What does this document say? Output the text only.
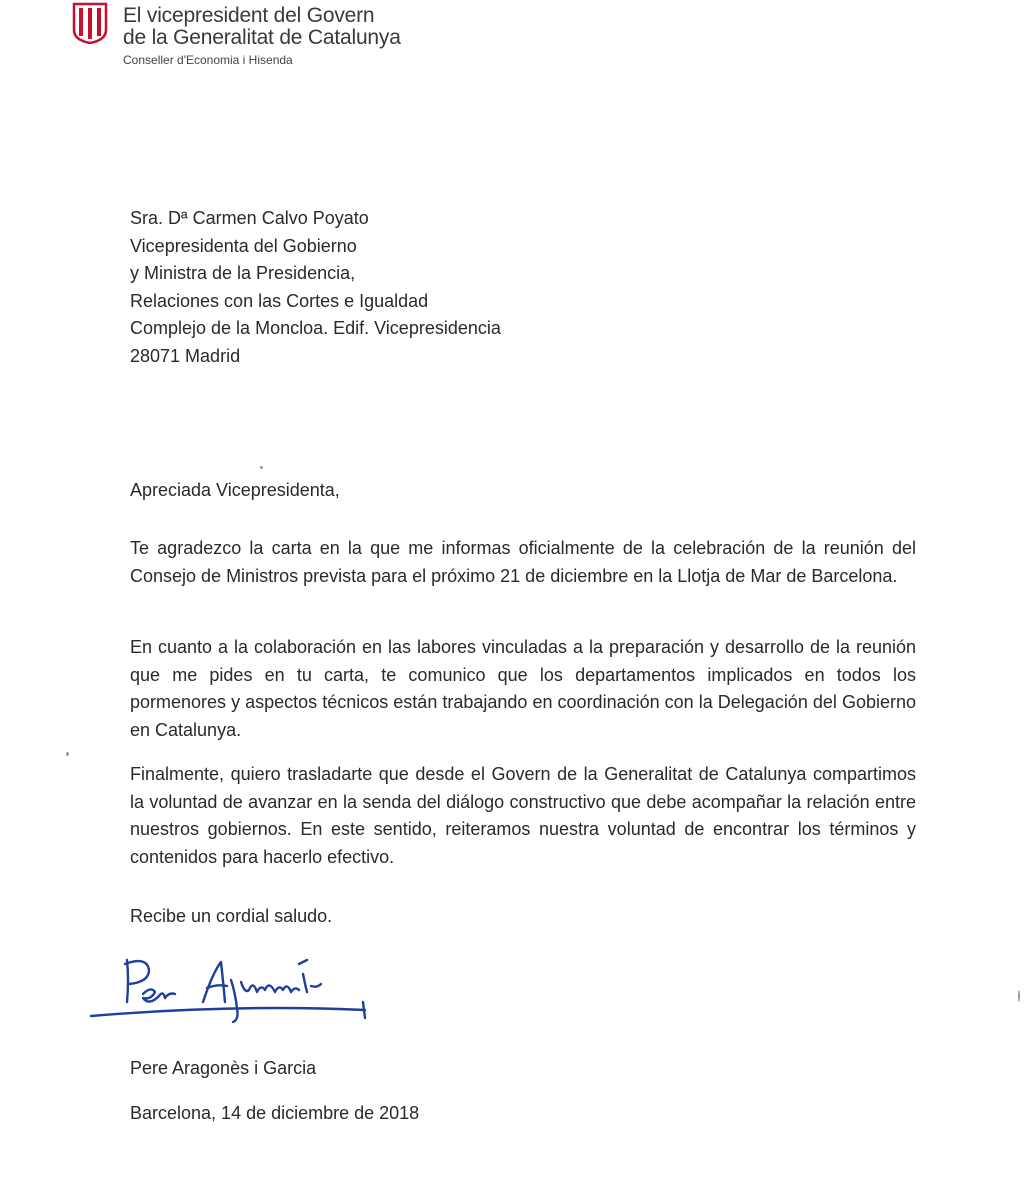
El vicepresident del Govern
de la Generalitat de Catalunya
Conseller d'Economia i Hisenda
Sra. Dª Carmen Calvo Poyato
Vicepresidenta del Gobierno
y Ministra de la Presidencia,
Relaciones con las Cortes e Igualdad
Complejo de la Moncloa. Edif. Vicepresidencia
28071 Madrid
Apreciada Vicepresidenta,

Te agradezco la carta en la que me informas oficialmente de la celebración de la reunión del Consejo de Ministros prevista para el próximo 21 de diciembre en la Llotja de Mar de Barcelona.

En cuanto a la colaboración en las labores vinculadas a la preparación y desarrollo de la reunión que me pides en tu carta, te comunico que los departamentos implicados en todos los pormenores y aspectos técnicos están trabajando en coordinación con la Delegación del Gobierno en Catalunya.

Finalmente, quiero trasladarte que desde el Govern de la Generalitat de Catalunya compartimos la voluntad de avanzar en la senda del diálogo constructivo que debe acompañar la relación entre nuestros gobiernos. En este sentido, reiteramos nuestra voluntad de encontrar los términos y contenidos para hacerlo efectivo.

Recibe un cordial saludo.
Pere Aragonès i Garcia
Barcelona, 14 de diciembre de 2018
